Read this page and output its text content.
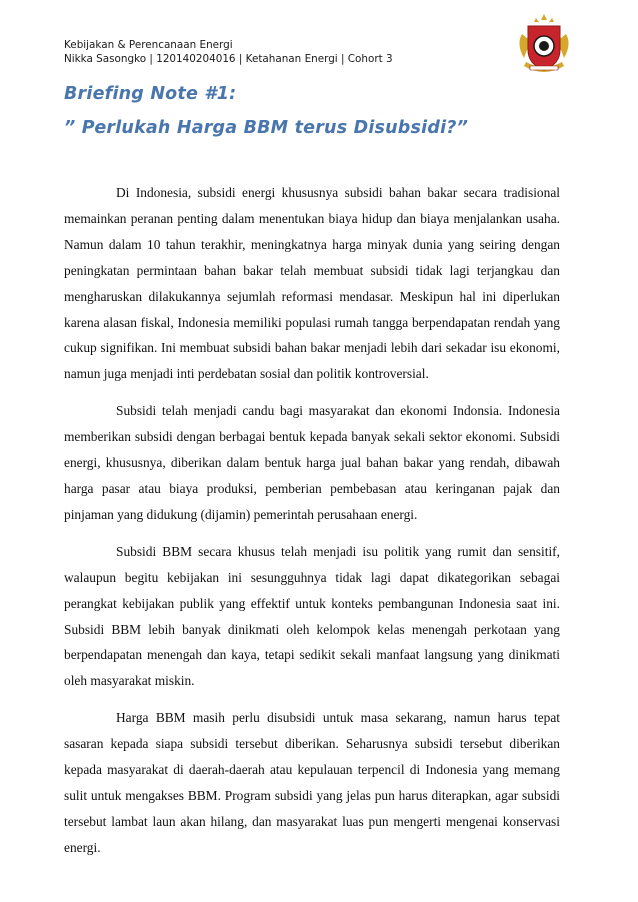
Kebijakan & Perencanaan Energi
Nikka Sasongko | 120140204016 | Ketahanan Energi | Cohort 3
Briefing Note #1:
” Perlukah Harga BBM terus Disubsidi?”

Di Indonesia, subsidi energi khususnya subsidi bahan bakar secara tradisional memainkan peranan penting dalam menentukan biaya hidup dan biaya menjalankan usaha. Namun dalam 10 tahun terakhir, meningkatnya harga minyak dunia yang seiring dengan peningkatan permintaan bahan bakar telah membuat subsidi tidak lagi terjangkau dan mengharuskan dilakukannya sejumlah reformasi mendasar. Meskipun hal ini diperlukan karena alasan fiskal, Indonesia memiliki populasi rumah tangga berpendapatan rendah yang cukup signifikan. Ini membuat subsidi bahan bakar menjadi lebih dari sekadar isu ekonomi, namun juga menjadi inti perdebatan sosial dan politik kontroversial.

Subsidi telah menjadi candu bagi masyarakat dan ekonomi Indonsia. Indonesia memberikan subsidi dengan berbagai bentuk kepada banyak sekali sektor ekonomi. Subsidi energi, khususnya, diberikan dalam bentuk harga jual bahan bakar yang rendah, dibawah harga pasar atau biaya produksi, pemberian pembebasan atau keringanan pajak dan pinjaman yang didukung (dijamin) pemerintah perusahaan energi.

Subsidi BBM secara khusus telah menjadi isu politik yang rumit dan sensitif, walaupun begitu kebijakan ini sesungguhnya tidak lagi dapat dikategorikan sebagai perangkat kebijakan publik yang effektif untuk konteks pembangunan Indonesia saat ini. Subsidi BBM lebih banyak dinikmati oleh kelompok kelas menengah perkotaan yang berpendapatan menengah dan kaya, tetapi sedikit sekali manfaat langsung yang dinikmati oleh masyarakat miskin.

Harga BBM masih perlu disubsidi untuk masa sekarang, namun harus tepat sasaran kepada siapa subsidi tersebut diberikan. Seharusnya subsidi tersebut diberikan kepada masyarakat di daerah-daerah atau kepulauan terpencil di Indonesia yang memang sulit untuk mengakses BBM. Program subsidi yang jelas pun harus diterapkan, agar subsidi tersebut lambat laun akan hilang, dan masyarakat luas pun mengerti mengenai konservasi energi.
